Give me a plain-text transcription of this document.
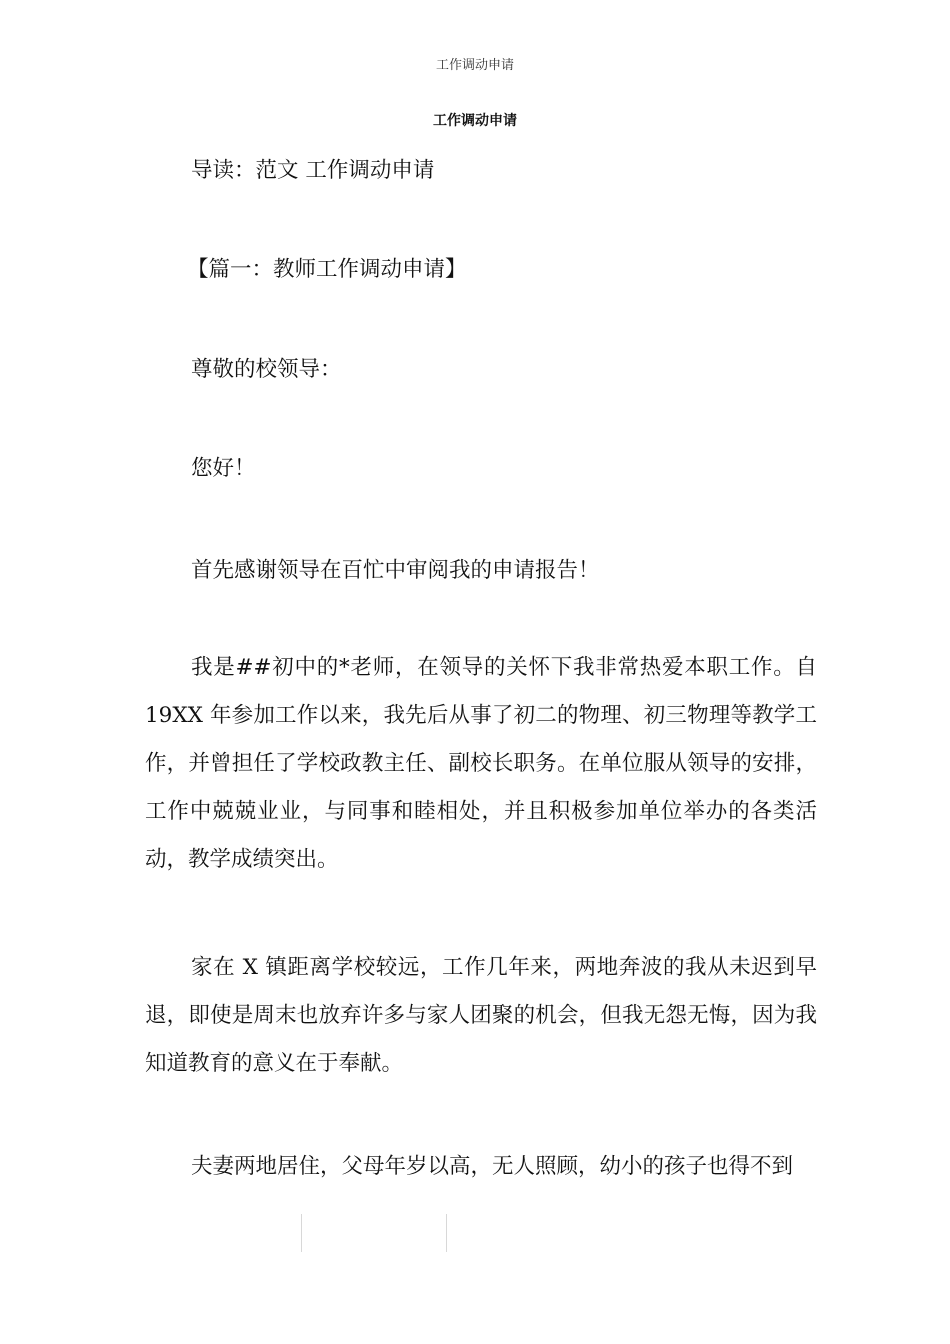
工作调动申请
工作调动申请
导读：范文 工作调动申请
【篇一：教师工作调动申请】
尊敬的校领导：
您好！
首先感谢领导在百忙中审阅我的申请报告！

我是##初中的*老师，在领导的关怀下我非常热爱本职工作。自19XX 年参加工作以来，我先后从事了初二的物理、初三物理等教学工作，并曾担任了学校政教主任、副校长职务。在单位服从领导的安排，工作中兢兢业业，与同事和睦相处，并且积极参加单位举办的各类活动，教学成绩突出。

家在 X 镇距离学校较远，工作几年来，两地奔波的我从未迟到早退，即使是周末也放弃许多与家人团聚的机会，但我无怨无悔，因为我知道教育的意义在于奉献。

夫妻两地居住，父母年岁以高，无人照顾，幼小的孩子也得不到
